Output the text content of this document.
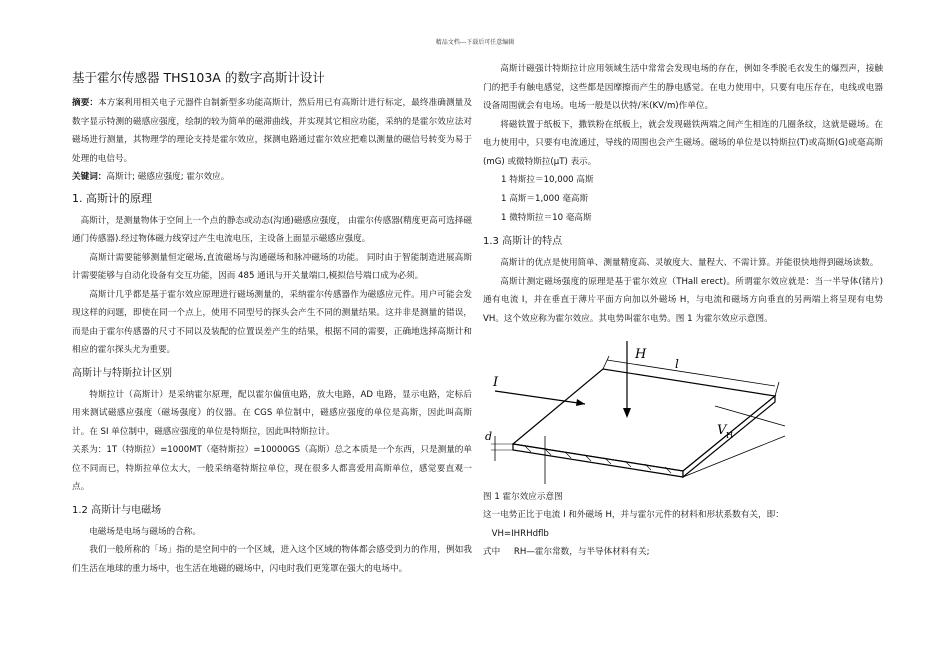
精品文档---下载后可任意编辑
基于霍尔传感器 THS103A 的数字高斯计设计

摘要：本方案利用相关电子元器件自制新型多功能高斯计，然后用已有高斯计进行标定，最终准确测量及数字显示特测的磁感应强度，绘制的较为简单的磁滞曲线，并实现其它相应功能，采纳的是霍尔效应法对磁场进行测量，其物理学的理论支持是霍尔效应，探测电路通过霍尔效应把难以测量的磁信号转变为易于处理的电信号。

关键词：高斯计; 磁感应强度; 霍尔效应。

1. 高斯计的原理

高斯计，是测量物体于空间上一个点的静态或动态(沟通)磁感应强度， 由霍尔传感器(精度更高可选择磁通门传感器).经过物体磁力线穿过产生电流电压，主设备上面显示磁感应强度。

高斯计需要能够测量恒定磁场,直流磁场与沟通磁场和脉冲磁场的功能。 同时由于智能制造进展高斯计需要能够与自动化设备有交互功能，因而 485 通讯与开关量端口,模拟信号端口成为必须。

高斯计几乎都是基于霍尔效应原理进行磁场测量的，采纳霍尔传感器作为磁感应元件。用户可能会发现这样的问题，即使在同一个点上，使用不同型号的探头会产生不同的测量结果。这并非是测量的错误，而是由于霍尔传感器的尺寸不同以及装配的位置误差产生的结果，根据不同的需要，正确地选择高斯计和相应的霍尔探头尤为重要。

高斯计与特斯拉计区别

特斯拉计（高斯计）是采纳霍尔原理，配以霍尔偏值电路，放大电路，AD 电路，显示电路，定标后用来测试磁感应强度（磁场强度）的仪器。在 CGS 单位制中，磁感应强度的单位是高斯，因此叫高斯计。在 SI 单位制中，磁感应强度的单位是特斯拉，因此叫特斯拉计。

关系为：1T（特斯拉）=1000MT（毫特斯拉）=10000GS（高斯）总之本质是一个东西，只是测量的单位不同而已，特斯拉单位太大，一般采纳毫特斯拉单位，现在很多人都喜爱用高斯单位，感觉要直观一点。

1.2 高斯计与电磁场

电磁场是电场与磁场的合称。

我们一般所称的「场」指的是空间中的一个区域，进入这个区域的物体都会感受到力的作用，例如我们生活在地球的重力场中，也生活在地磁的磁场中，闪电时我们更笼罩在强大的电场中。

高斯计磁强计特斯拉计应用领域生活中常常会发现电场的存在，例如冬季脱毛衣发生的爆烈声，接触门的把手有触电感觉，这些都是因摩擦而产生的静电感觉。在电力使用中，只要有电压存在，电线或电器设备周围就会有电场。电场一般是以伏特/米(KV/m)作单位。

将磁铁置于纸板下，撒铁粉在纸板上，就会发现磁铁两端之间产生相连的几圈条纹，这就是磁场。在电力使用中，只要有电流通过，导线的周围也会产生磁场。磁场的单位是以特斯拉(T)或高斯(G)或毫高斯(mG) 或微特斯拉(μT) 表示。

1 特斯拉＝10,000 高斯
1 高斯＝1,000 毫高斯
1 微特斯拉＝10 毫高斯
1.3 高斯计的特点

高斯计的优点是使用简单、测量精度高、灵敏度大、量程大、不需计算。并能很快地得到磁场读数。

高斯计测定磁场强度的原理是基于霍尔效应（THall erect)。所谓霍尔效应就是：当一半导体(锗片)通有电流 I，并在垂直于薄片平面方向加以外磁场 H，与电流和磁场方向垂直的另两端上将呈现有电势 VH。这个效应称为霍尔效应。其电势叫霍尔电势。图 1 为霍尔效应示意图。

I
H
l
d	V H
图 1 霍尔效应示意图

这一电势正比于电流 I 和外磁场 H，并与霍尔元件的材料和形状系数有关，即：

VH=IHRHdflb

式中 RH—霍尔常数，与半导体材料有关;
